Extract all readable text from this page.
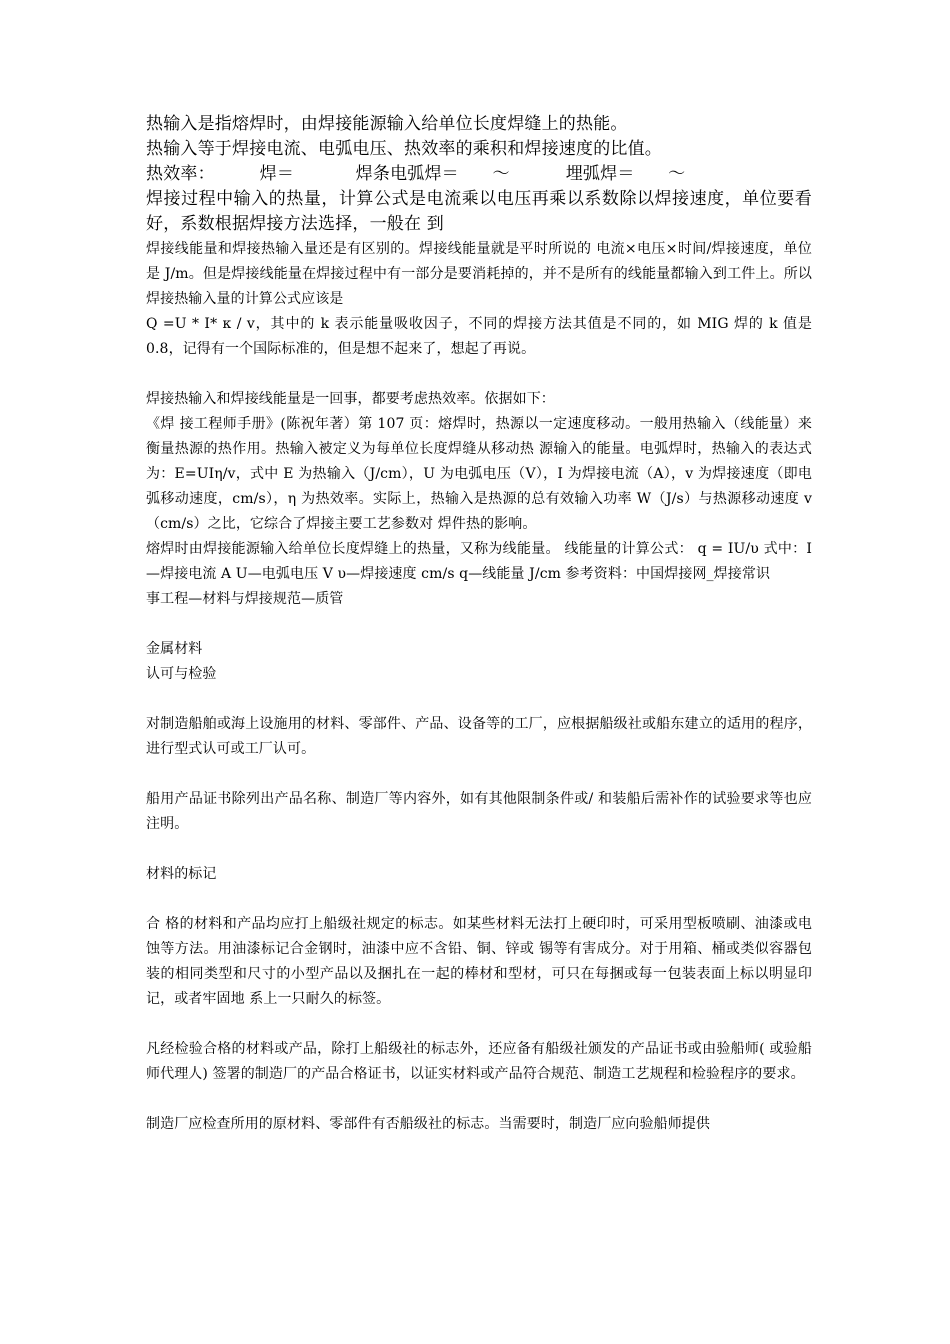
热输入是指熔焊时，由焊接能源输入给单位长度焊缝上的热能。

热输入等于焊接电流、电弧电压、热效率的乘积和焊接速度的比值。

热效率：        焊＝           焊条电弧焊＝      ～          埋弧焊＝      ～

焊接过程中输入的热量，计算公式是电流乘以电压再乘以系数除以焊接速度，单位要看好，系数根据焊接方法选择，一般在 到

焊接线能量和焊接热输入量还是有区别的。焊接线能量就是平时所说的 电流×电压×时间/焊接速度，单位是 J/m。但是焊接线能量在焊接过程中有一部分是要消耗掉的，并不是所有的线能量都输入到工件上。所以焊接热输入量的计算公式应该是

Q =U * I* κ / v，其中的 k 表示能量吸收因子，不同的焊接方法其值是不同的，如 MIG 焊的 k 值是 0.8，记得有一个国际标准的，但是想不起来了，想起了再说。

焊接热输入和焊接线能量是一回事，都要考虑热效率。依据如下：

《焊 接工程师手册》(陈祝年著）第 107 页：熔焊时，热源以一定速度移动。一般用热输入（线能量）来衡量热源的热作用。热输入被定义为每单位长度焊缝从移动热 源输入的能量。电弧焊时，热输入的表达式为：E=UIη/v，式中 E 为热输入（J/cm），U 为电弧电压（V），I 为焊接电流（A），v 为焊接速度（即电 弧移动速度，cm/s），η 为热效率。实际上，热输入是热源的总有效输入功率 W（J/s）与热源移动速度 v（cm/s）之比，它综合了焊接主要工艺参数对 焊件热的影响。

熔焊时由焊接能源输入给单位长度焊缝上的热量，又称为线能量。 线能量的计算公式： q = IU/υ 式中：I—焊接电流 A U—电弧电压 V υ—焊接速度 cm/s q—线能量 J/cm 参考资料：中国焊接网_焊接常识

事工程—材料与焊接规范—质管

金属材料

认可与检验

对制造船舶或海上设施用的材料、零部件、产品、设备等的工厂，应根据船级社或船东建立的适用的程序，进行型式认可或工厂认可。

船用产品证书除列出产品名称、制造厂等内容外，如有其他限制条件或/ 和装船后需补作的试验要求等也应注明。

材料的标记

合 格的材料和产品均应打上船级社规定的标志。如某些材料无法打上硬印时，可采用型板喷刷、油漆或电蚀等方法。用油漆标记合金钢时，油漆中应不含铅、铜、锌或 锡等有害成分。对于用箱、桶或类似容器包装的相同类型和尺寸的小型产品以及捆扎在一起的棒材和型材，可只在每捆或每一包装表面上标以明显印记，或者牢固地 系上一只耐久的标签。

凡经检验合格的材料或产品，除打上船级社的标志外，还应备有船级社颁发的产品证书或由验船师( 或验船师代理人) 签署的制造厂的产品合格证书，以证实材料或产品符合规范、制造工艺规程和检验程序的要求。

制造厂应检查所用的原材料、零部件有否船级社的标志。当需要时，制造厂应向验船师提供
